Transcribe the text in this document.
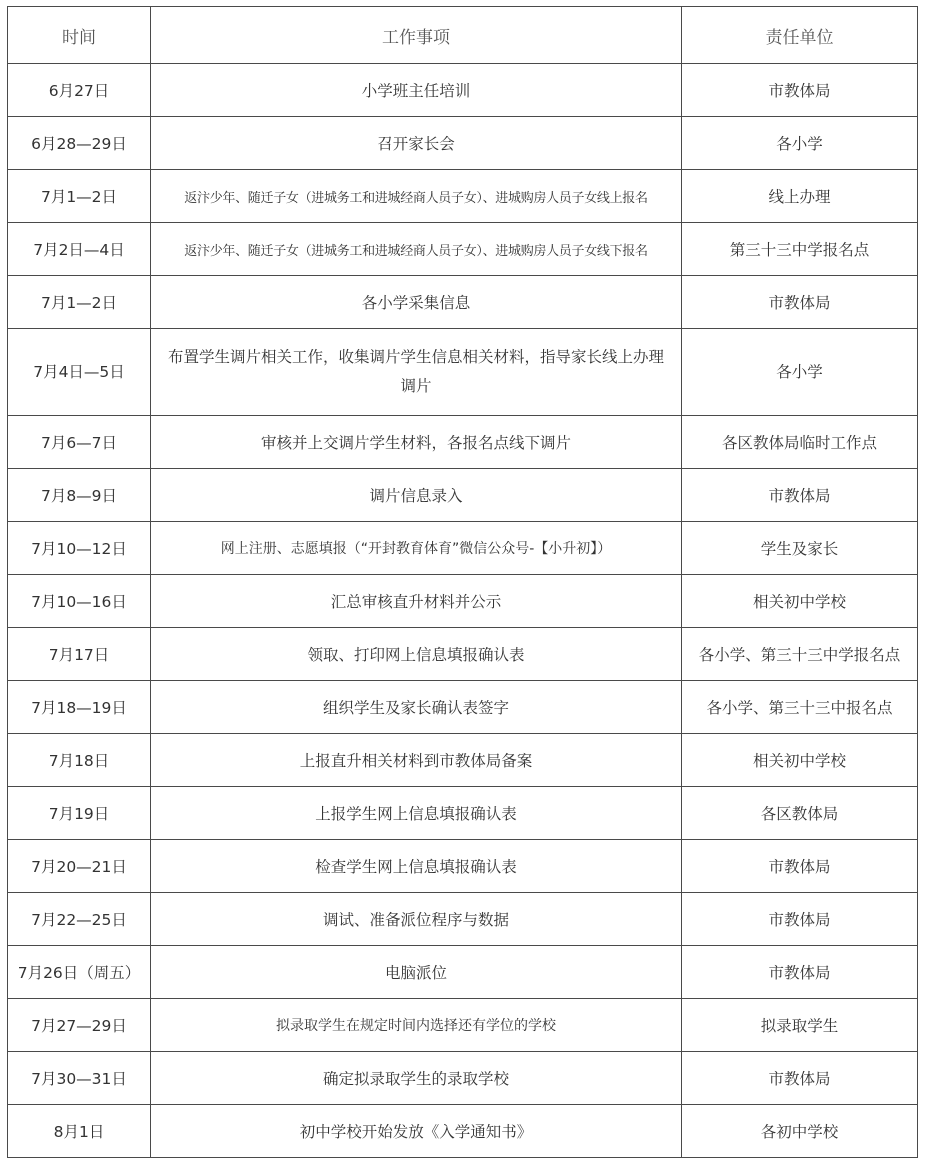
时间	工作事项	责任单位
6月27日	小学班主任培训	市教体局
6月28—29日	召开家长会	各小学
7月1—2日	返汴少年、随迁子女（进城务工和进城经商人员子女）、进城购房人员子女线上报名	线上办理
7月2日—4日	返汴少年、随迁子女（进城务工和进城经商人员子女）、进城购房人员子女线下报名	第三十三中学报名点
7月1—2日	各小学采集信息	市教体局
7月4日—5日	布置学生调片相关工作，收集调片学生信息相关材料，指导家长线上办理调片	各小学
7月6—7日	审核并上交调片学生材料，各报名点线下调片	各区教体局临时工作点
7月8—9日	调片信息录入	市教体局
7月10—12日	网上注册、志愿填报（“开封教育体育”微信公众号-【小升初】）	学生及家长
7月10—16日	汇总审核直升材料并公示	相关初中学校
7月17日	领取、打印网上信息填报确认表	各小学、第三十三中学报名点
7月18—19日	组织学生及家长确认表签字	各小学、第三十三中报名点
7月18日	上报直升相关材料到市教体局备案	相关初中学校
7月19日	上报学生网上信息填报确认表	各区教体局
7月20—21日	检查学生网上信息填报确认表	市教体局
7月22—25日	调试、准备派位程序与数据	市教体局
7月26日（周五）	电脑派位	市教体局
7月27—29日	拟录取学生在规定时间内选择还有学位的学校	拟录取学生
7月30—31日	确定拟录取学生的录取学校	市教体局
8月1日	初中学校开始发放《入学通知书》	各初中学校
